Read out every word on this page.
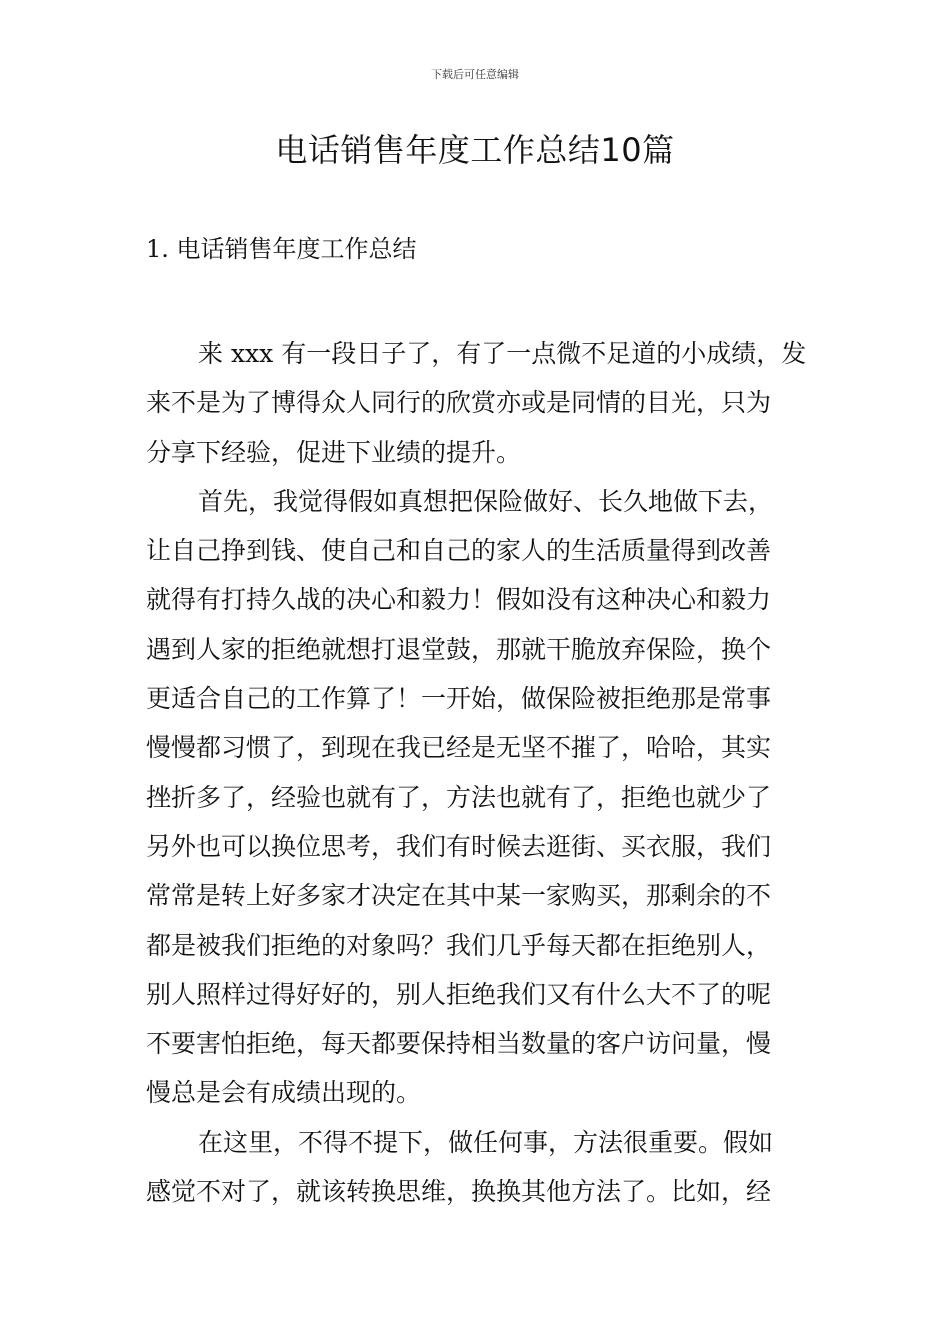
下载后可任意编辑
电话销售年度工作总结10篇
1. 电话销售年度工作总结
来 xxx 有一段日子了，有了一点微不足道的小成绩，发
来不是为了博得众人同行的欣赏亦或是同情的目光，只为
分享下经验，促进下业绩的提升。
首先，我觉得假如真想把保险做好、长久地做下去，
让自己挣到钱、使自己和自己的家人的生活质量得到改善
就得有打持久战的决心和毅力！假如没有这种决心和毅力
遇到人家的拒绝就想打退堂鼓，那就干脆放弃保险，换个
更适合自己的工作算了！一开始，做保险被拒绝那是常事
慢慢都习惯了，到现在我已经是无坚不摧了，哈哈，其实
挫折多了，经验也就有了，方法也就有了，拒绝也就少了
另外也可以换位思考，我们有时候去逛街、买衣服，我们
常常是转上好多家才决定在其中某一家购买，那剩余的不
都是被我们拒绝的对象吗？我们几乎每天都在拒绝别人，
别人照样过得好好的，别人拒绝我们又有什么大不了的呢
不要害怕拒绝，每天都要保持相当数量的客户访问量，慢
慢总是会有成绩出现的。
在这里，不得不提下，做任何事，方法很重要。假如
感觉不对了，就该转换思维，换换其他方法了。比如，经
